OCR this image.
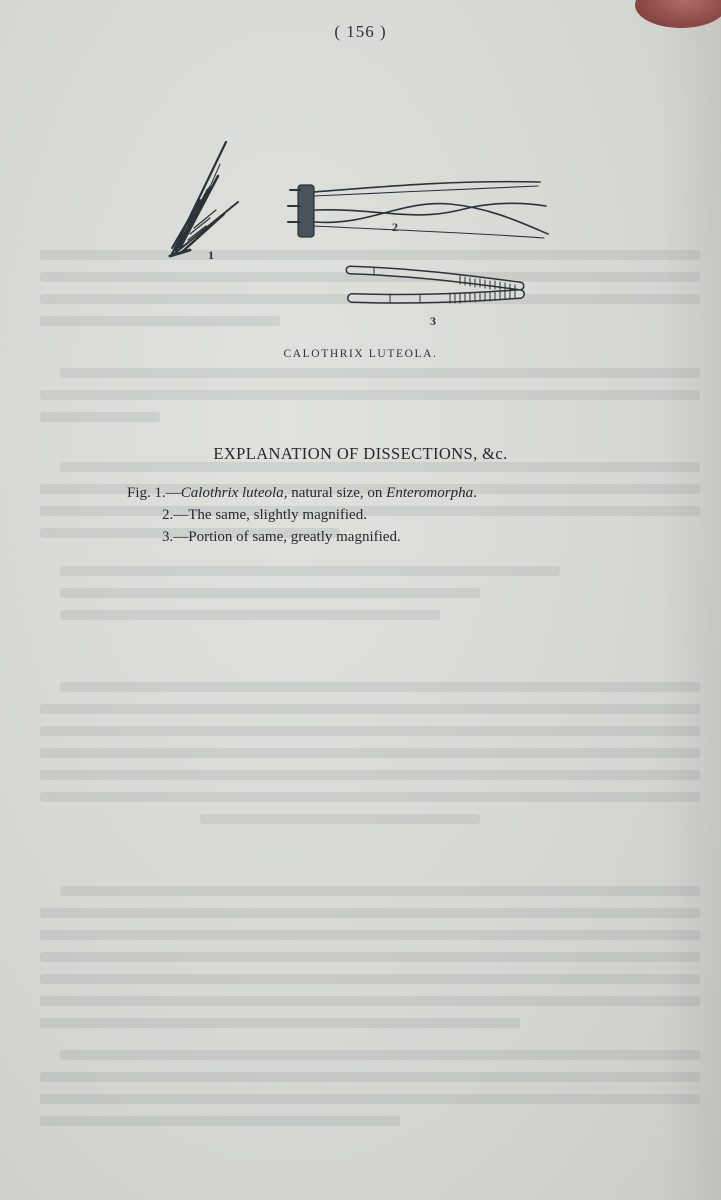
( 156 )
1
2
3
CALOTHRIX LUTEOLA.
EXPLANATION OF DISSECTIONS, &c.
Fig. 1.—Calothrix luteola, natural size, on Enteromorpha.
2.—The same, slightly magnified.
3.—Portion of same, greatly magnified.
